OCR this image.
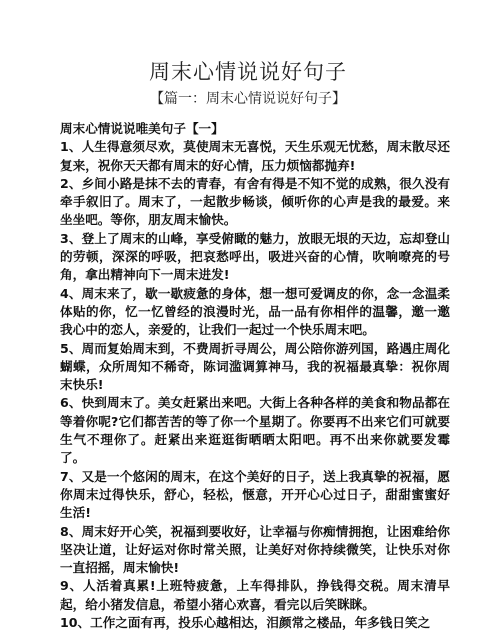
周末心情说说好句子
【篇一：周末心情说说好句子】

周末心情说说唯美句子【一】

1、人生得意须尽欢，莫使周末无喜悦，天生乐观无忧愁，周末散尽还复来，祝你天天都有周末的好心情，压力烦恼都抛弃!

2、乡间小路是抹不去的青春，有舍有得是不知不觉的成熟，很久没有牵手叙旧了。周末了，一起散步畅谈，倾听你的心声是我的最爱。来坐坐吧。等你，朋友周末愉快。

3、登上了周末的山峰，享受俯瞰的魅力，放眼无垠的天边，忘却登山的劳顿，深深的呼吸，把哀愁呼出，吸进兴奋的心情，吹响嘹亮的号角，拿出精神向下一周末进发!

4、周末来了，歇一歇疲惫的身体，想一想可爱调皮的你，念一念温柔体贴的你，忆一忆曾经的浪漫时光，品一品有你相伴的温馨，邀一邀我心中的恋人，亲爱的，让我们一起过一个快乐周末吧。

5、周而复始周末到，不费周折寻周公，周公陪你游列国，路遇庄周化蝴蝶，众所周知不稀奇，陈词滥调算神马，我的祝福最真挚：祝你周末快乐!

6、快到周末了。美女赶紧出来吧。大街上各种各样的美食和物品都在等着你呢?它们都苦苦的等了你一个星期了。你要再不出来它们可就要生气不理你了。赶紧出来逛逛街晒晒太阳吧。再不出来你就要发霉了。

7、又是一个悠闲的周末，在这个美好的日子，送上我真挚的祝福，愿你周末过得快乐，舒心，轻松，惬意，开开心心过日子，甜甜蜜蜜好生活!

8、周末好开心笑，祝福到要收好，让幸福与你痴情拥抱，让困难给你坚决让道，让好运对你时常关照，让美好对你持续微笑，让快乐对你一直招摇，周末愉快!

9、人活着真累!上班特疲惫，上车得排队，挣钱得交税。周末清早起，给小猪发信息，希望小猪心欢喜，看完以后笑眯眯。

10、工作之面有再，投乐心越相达，泪颜常之楼品，年多钱日笑之
